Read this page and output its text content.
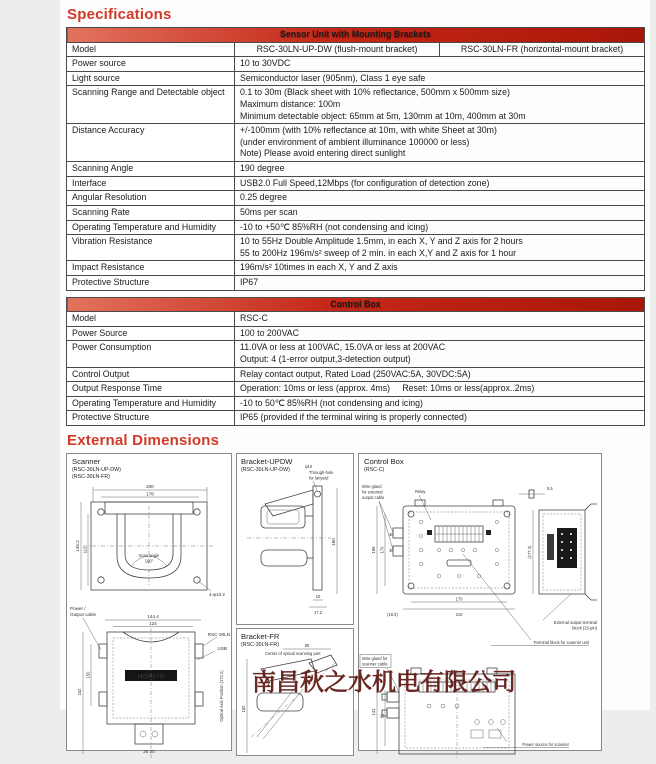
Specifications
Sensor Unit with Mounting Brackets		
Model	RSC-30LN-UP-DW (flush-mount bracket)	RSC-30LN-FR (horizontal-mount bracket)
Power source	10 to 30VDC	

Light source	Semiconductor laser (905nm), Class 1 eye safe	

Scanning Range and Detectable object	0.1 to 30m (Black sheet with 10% reflectance, 500mm x 500mm size)
Maximum distance: 100m
Minimum detectable object: 65mm at 5m, 130mm at 10m, 400mm at 30m	

Distance Accuracy	+/-100mm (with 10% reflectance at 10m, with white Sheet at 30m)
(under environment of ambient illuminance 100000 or less)
Note) Please avoid entering direct sunlight	

Scanning Angle	190 degree	

Interface	USB2.0 Full Speed,12Mbps (for configuration of detection zone)	

Angular Resolution	0.25 degree	

Scanning Rate	50ms per scan	

Operating Temperature and Humidity	-10 to +50℃ 85%RH (not condensing and icing)	

Vibration Resistance	10 to 55Hz Double Amplitude 1.5mm, in each X, Y and Z axis for 2 hours
55 to 200Hz 196m/s² sweep of 2 min. in each X,Y and Z axis for 1 hour	

Impact Resistance	196m/s² 10times in each X, Y and Z axis	

Protective Structure	IP67	
Control Box	
Model	RSC-C

Power Source	100 to 200VAC

Power Consumption	11.0VA or less at 100VAC, 15.0VA or less at 200VAC
Output: 4 (1-error output,3-detection output)

Control Output	Relay contact output, Rated Load (250VAC:5A, 30VDC:5A)

Output Response Time	Operation: 10ms or less (approx. 4ms)     Reset: 10ms or less(approx..2ms)

Operating Temperature and Humidity	-10 to 50℃ 85%RH (not condensing and icing)

Protective Structure	IP65 (provided if the terminal wiring is properly connected)
External Dimensions
Scanner
(RSC-30LN-UP-DW)
(RSC-30LN-FR)
200
178
Scan angle
190°
4-φ10.2
145.2 112
Power /
Output cable	144.4
124
HOKUYO
RSC-30LN
USB
242
150	Optical Axis Position (172.2)
20 20
Bracket-UPDW
(RSC-30LN-UP-DW)
φ10
Through-hole
for lanyard
160
10
17.2
Bracket-FR
(RSC-30LN-FR)	80
Center of optical scanning part
150
Control Box
(RSC-C)
Wire gland
for external
output cable
Relay
5.5
195 170
30
30
170
210
(18.3)
(177.3)
External output terminal
block (15-pin)
Terminal block for scanner unit
Wire gland for
scanner cable
141
81
Power source for scanner
南昌秋之水机电有限公司
